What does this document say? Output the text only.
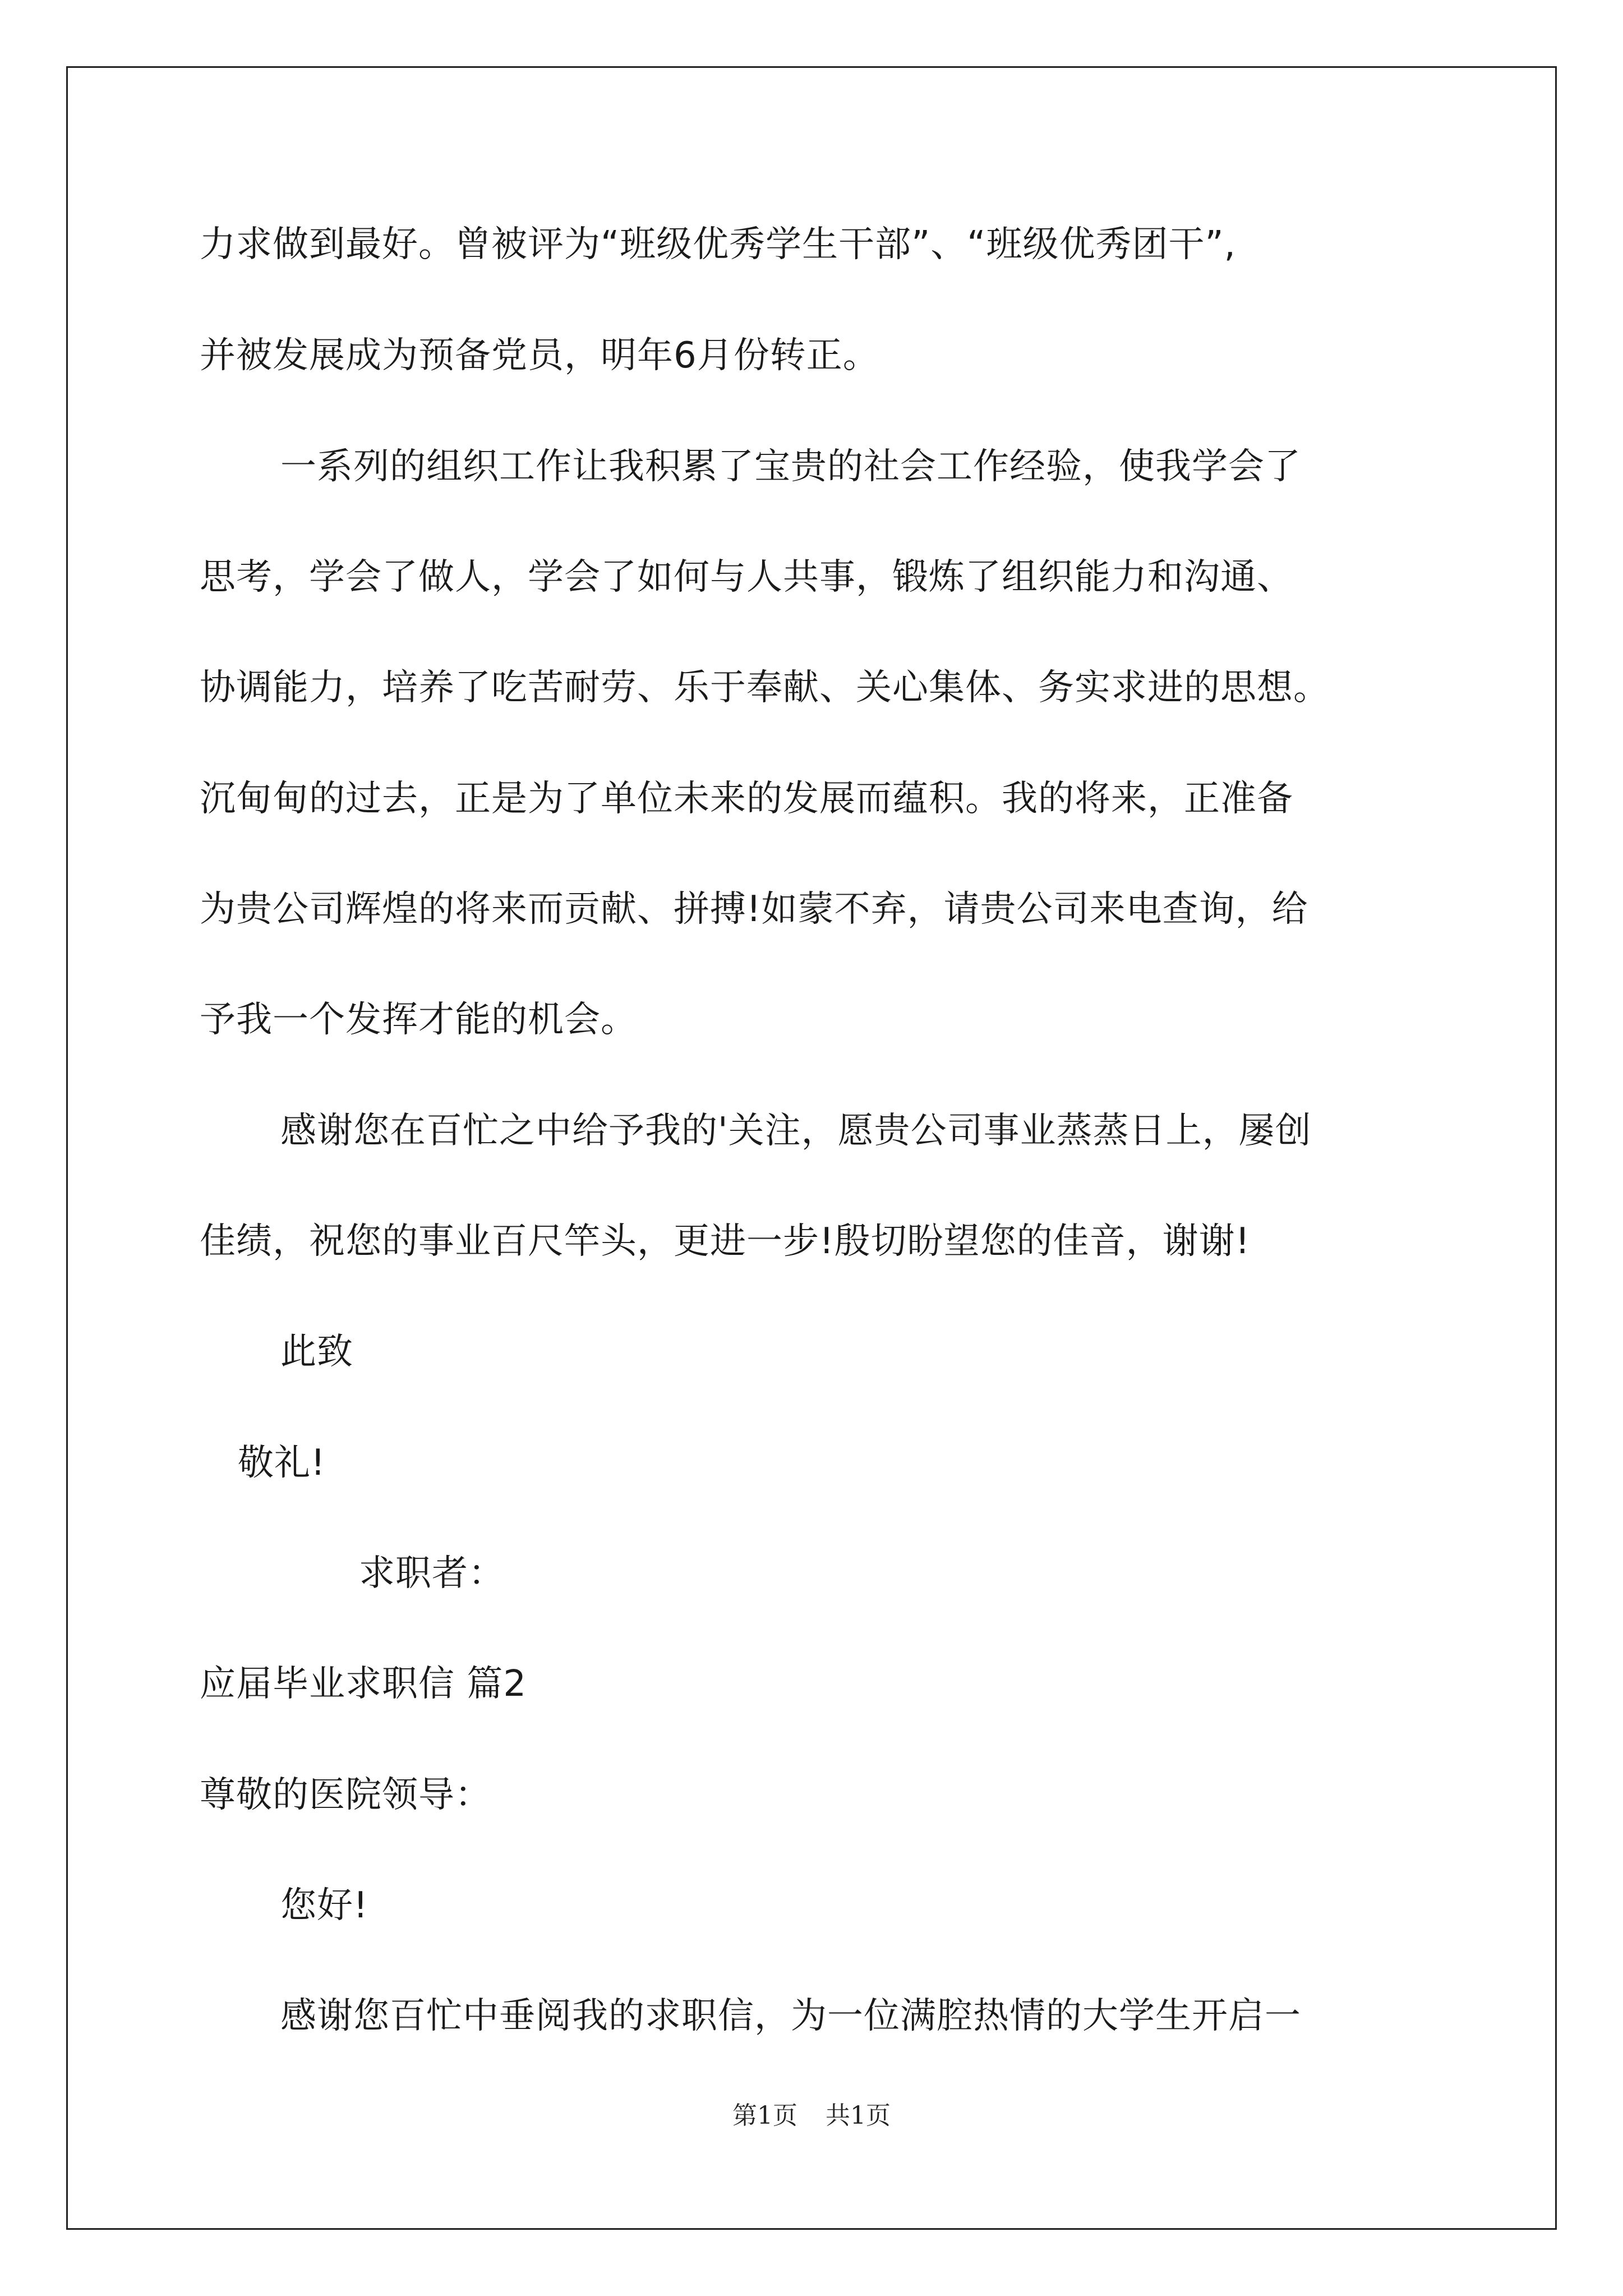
力求做到最好。曾被评为“班级优秀学生干部”、“班级优秀团干”,
并被发展成为预备党员，明年6月份转正。
一系列的组织工作让我积累了宝贵的社会工作经验，使我学会了
思考，学会了做人，学会了如何与人共事，锻炼了组织能力和沟通、
协调能力，培养了吃苦耐劳、乐于奉献、关心集体、务实求进的思想。
沉甸甸的过去，正是为了单位未来的发展而蕴积。我的将来，正准备
为贵公司辉煌的将来而贡献、拼搏!如蒙不弃，请贵公司来电查询，给
予我一个发挥才能的机会。
感谢您在百忙之中给予我的'关注，愿贵公司事业蒸蒸日上，屡创
佳绩，祝您的事业百尺竿头，更进一步!殷切盼望您的佳音，谢谢!
此致
敬礼!
求职者：
应届毕业求职信 篇2
尊敬的医院领导：
您好!
感谢您百忙中垂阅我的求职信，为一位满腔热情的大学生开启一
第1页 共1页
